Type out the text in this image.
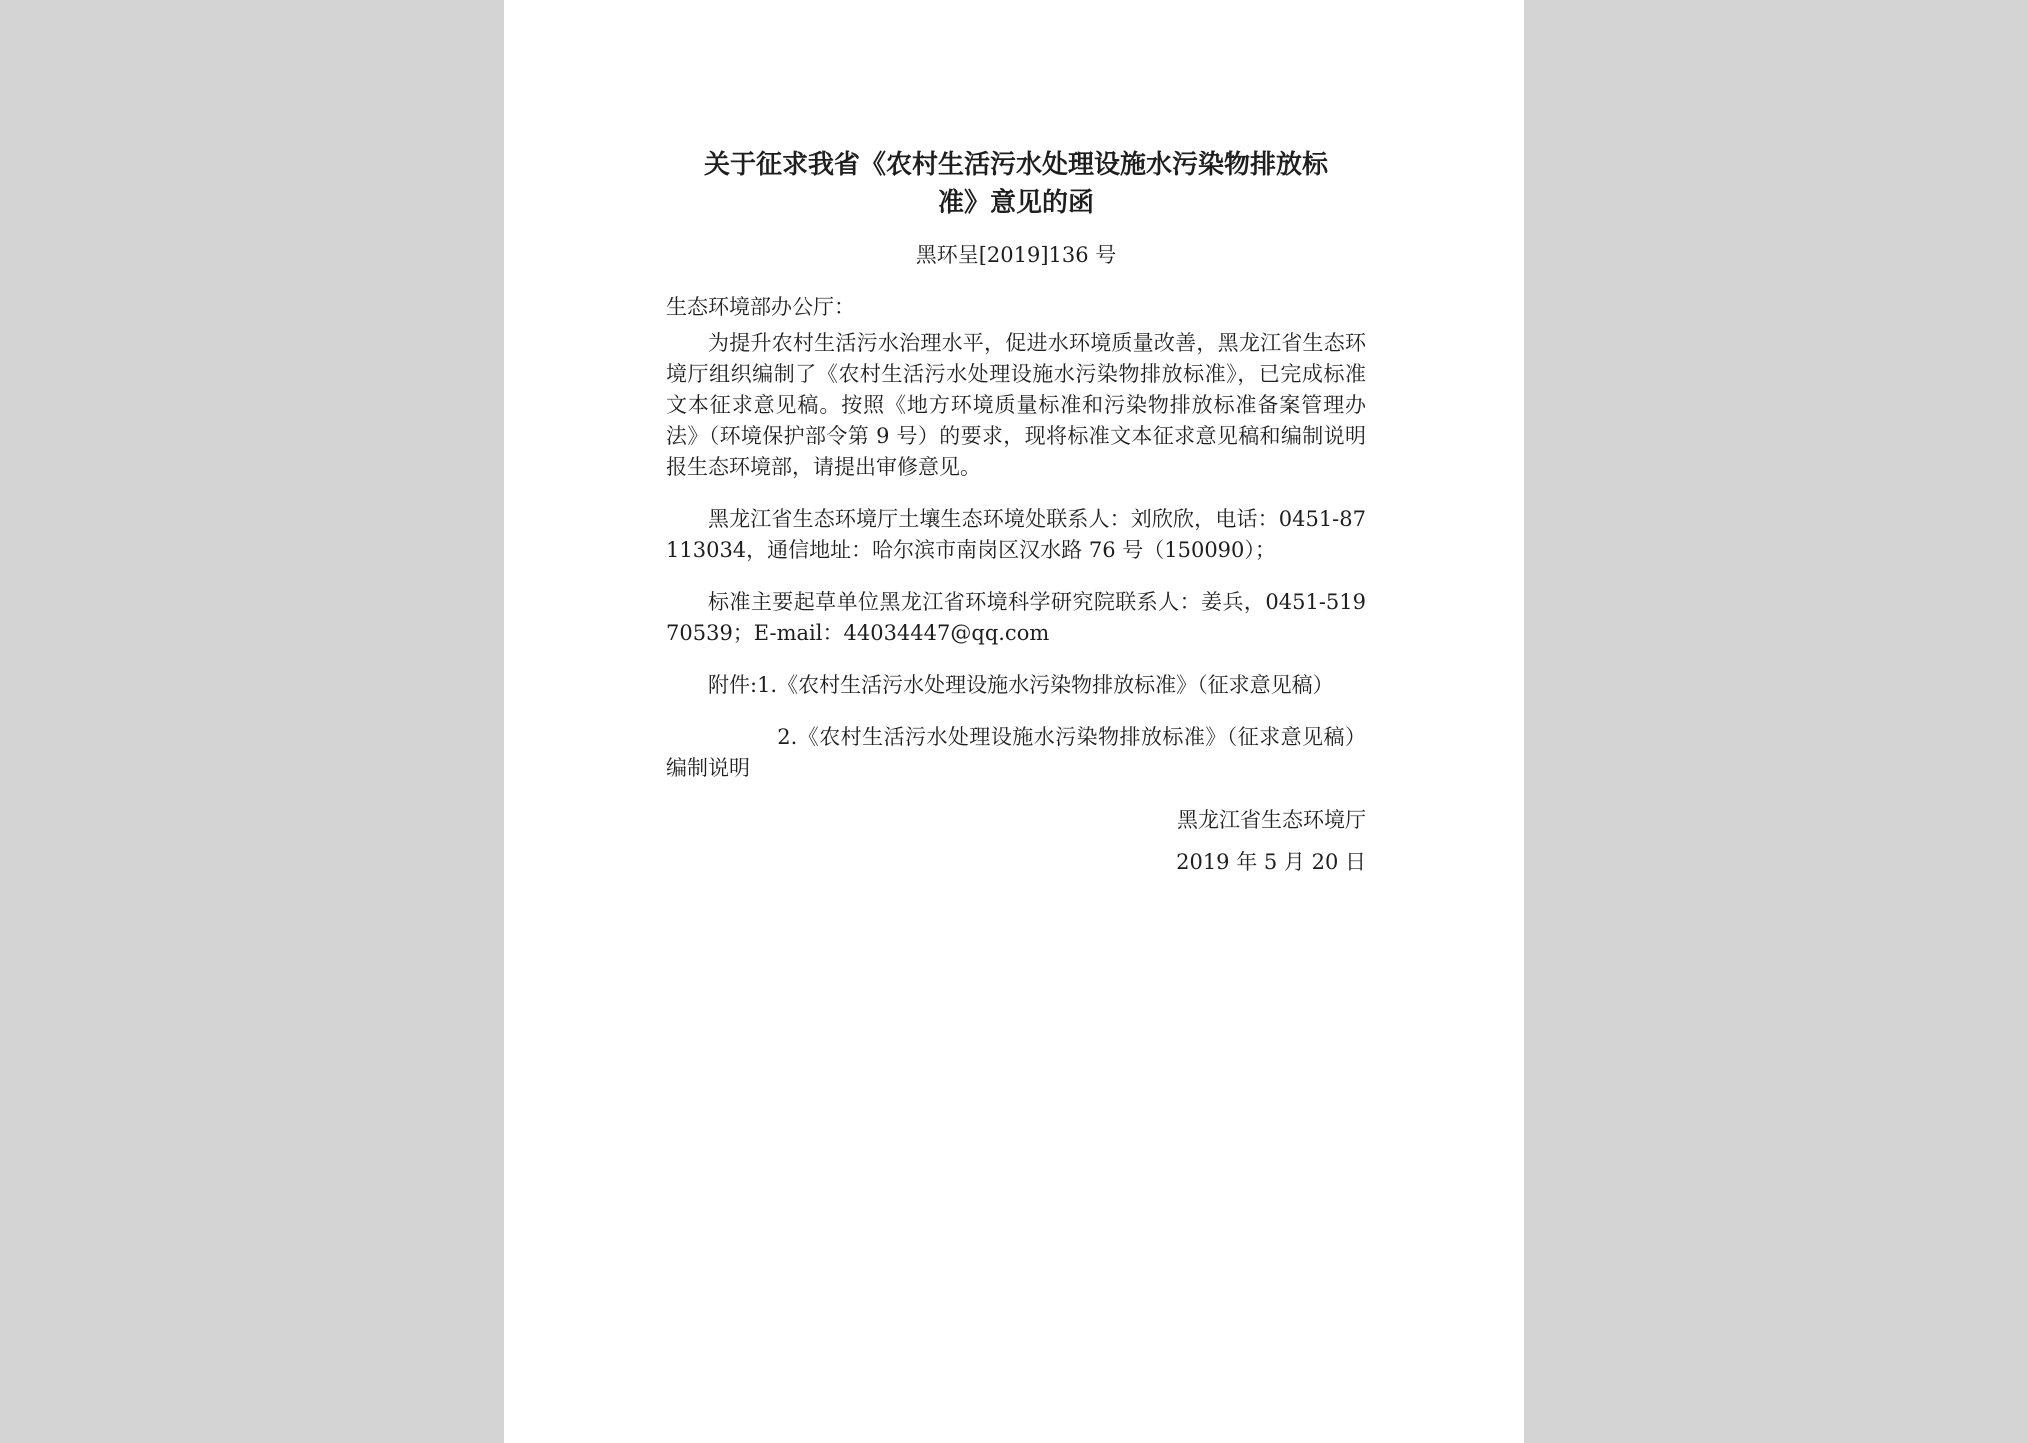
关于征求我省《农村生活污水处理设施水污染物排放标
准》意见的函
黑环呈[2019]136 号
生态环境部办公厅：

为提升农村生活污水治理水平，促进水环境质量改善，黑龙江省生态环境厅组织编制了《农村生活污水处理设施水污染物排放标准》，已完成标准文本征求意见稿。按照《地方环境质量标准和污染物排放标准备案管理办法》（环境保护部令第 9 号）的要求，现将标准文本征求意见稿和编制说明报生态环境部，请提出审修意见。

黑龙江省生态环境厅土壤生态环境处联系人：刘欣欣，电话：0451-87113034，通信地址：哈尔滨市南岗区汉水路 76 号（150090）；

标准主要起草单位黑龙江省环境科学研究院联系人：姜兵，0451-51970539；E-mail：44034447@qq.com

附件:1.《农村生活污水处理设施水污染物排放标准》（征求意见稿）

2.《农村生活污水处理设施水污染物排放标准》（征求意见稿）编制说明

黑龙江省生态环境厅
2019 年 5 月 20 日
